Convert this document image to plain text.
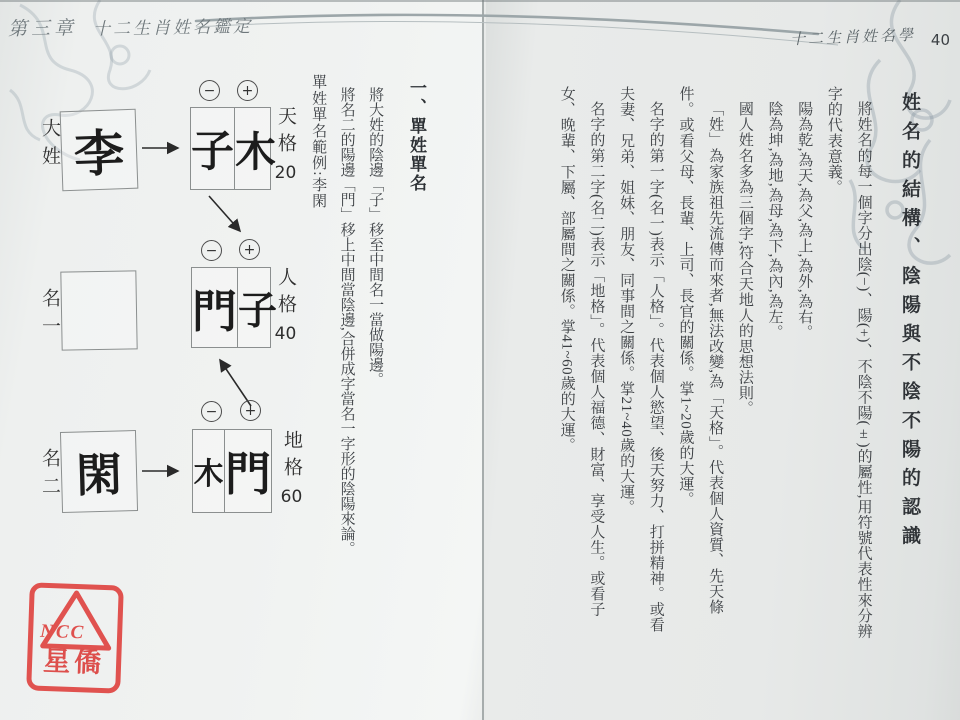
第三章 十二生肖姓名鑑定	十二生肖姓名學 40
大姓 李
−	+
子 木 天格
20
名一
−	+
門 子
人格
40
名二 閑
−	+
木 門 地格
60

一、單姓單名

將大姓的陰邊「子」移至中間名一當做陽邊。

將名二的陽邊「門」移上中間當陰邊,合併成字當名一字形的陰陽來論。

單姓單名範例:李閑

NCC
星僑

姓名的結構、陰陽與不陰不陽的認識

將姓名的每一個字分出陰(−)、陽(+)、不陰不陽(±)的屬性,用符號代表性來分辨字的代表意義。

陽為乾,為天,為父,為上,為外,為右。

陰為坤,為地,為母,為下,為內,為左。

國人姓名多為三個字,符合天地人的思想法則。

「姓」為家族祖先流傳而來者,無法改變,為「天格」。代表個人資質、先天條件。或看父母、長輩、上司、長官的關係。掌1~20歲的大運。

名字的第一字(名一)表示「人格」。代表個人慾望、後天努力、打拼精神。或看夫妻、兄弟、姐妹、朋友、同事間之關係。掌21~40歲的大運。

名字的第二字(名二)表示「地格」。代表個人福德、財富、享受人生。或看子女、晚輩、下屬、部屬間之關係。掌41~60歲的大運。
